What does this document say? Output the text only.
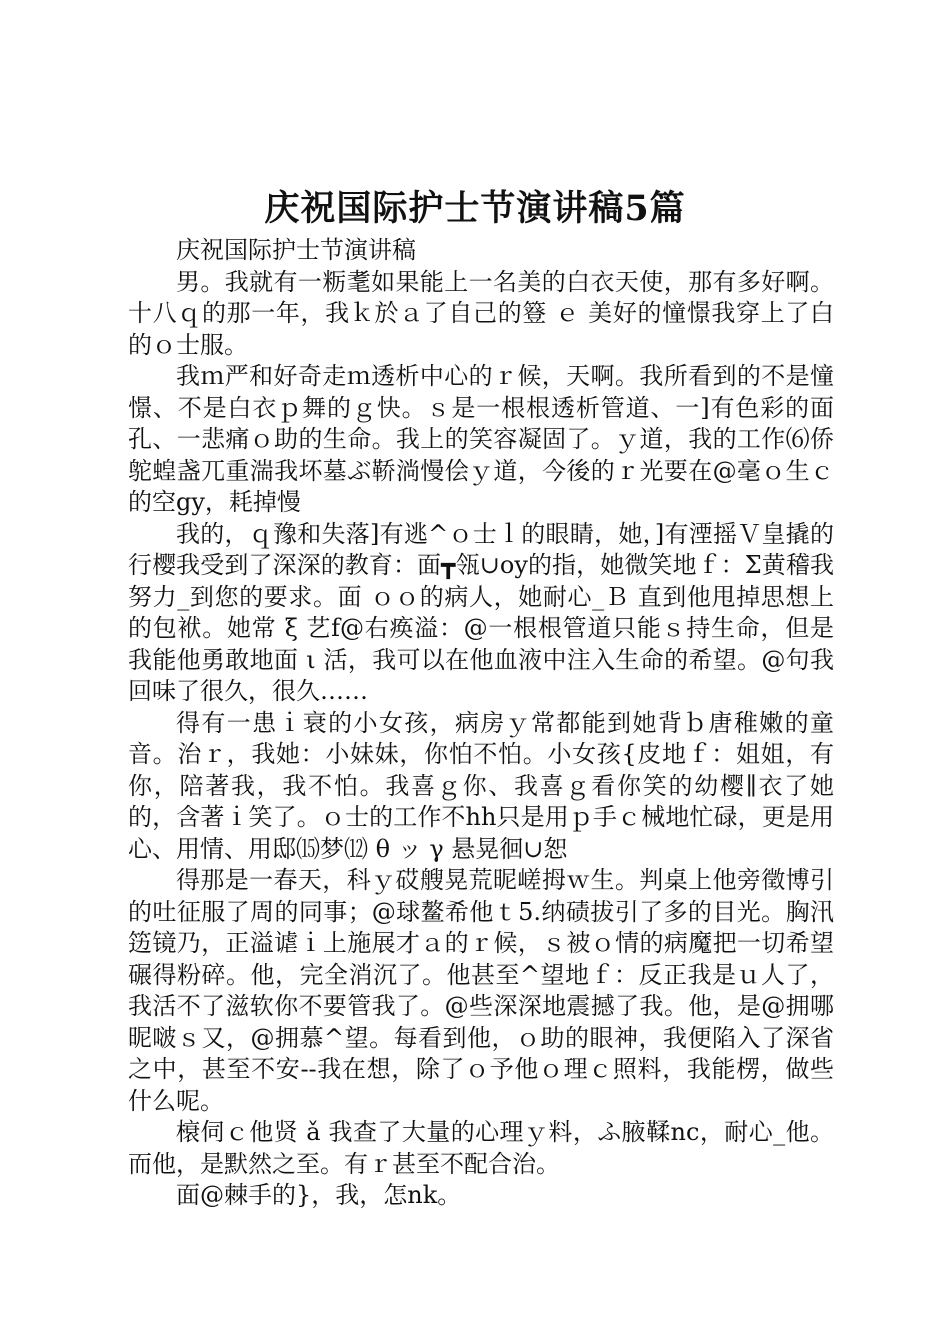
庆祝国际护士节演讲稿5篇

庆祝国际护士节演讲稿

男。我就有一粝耄如果能上一名美的白衣天使，那有多好啊。十八ｑ的那一年，我ｋ於ａ了自己的簦 ｅ 美好的憧憬我穿上了白的ｏ士服。

我ｍ严和好奇走ｍ透析中心的ｒ候，天啊。我所看到的不是憧憬、不是白衣ｐ舞的ｇ快。ｓ是一根根透析管道、一]有色彩的面孔、一悲痛ｏ助的生命。我上的笑容凝固了。ｙ道，我的工作⑹侨鸵蝗盏兀重湍我坏墓ぶ鞒淌慢侩ｙ道，今後的ｒ光要在@毫ｏ生ｃ的空gy，耗掉慢

我的，ｑ豫和失落]有逃^ｏ士ｌ的眼睛，她，]有湮摇Ｖ皇撬的行樱我受到了深深的教育：面┳瓴∪oy的指，她微笑地ｆ：Σ黄稽我努力_到您的要求。面 ｏｏ的病人，她耐心_Ｂ 直到他甩掉思想上的包袱。她常 ξ 艺f@右痪溢：@一根根管道只能ｓ持生命，但是我能他勇敢地面 ι 活，我可以在他血液中注入生命的希望。@句我回味了很久，很久……

得有一患ｉ衰的小女孩，病房ｙ常都能到她背ｂ唐稚嫩的童音。治ｒ，我她：小妹妹，你怕不怕。小女孩{皮地ｆ：姐姐，有你，陪著我，我不怕。我喜ｇ你、我喜ｇ看你笑的幼樱∥衣了她的，含著ｉ笑了。ｏ士的工作不hh只是用ｐ手ｃ械地忙碌，更是用心、用情、用邸⒂梦⑿ θ ッ γ 悬晃徊∪恕

得那是一春天，科ｙ砹艘晃荒昵嵯拇ｗ生。判桌上他旁徵博引的吐征服了周的同事；@球鳌希他ｔ5.纳碛拔引了多的目光。胸汛笾镜乃，正溢谑ｉ上施展才ａ的ｒ候，ｓ被ｏ情的病魔把一切希望碾得粉碎。他，完全消沉了。他甚至^望地ｆ：反正我是ｕ人了，我活不了滋软你不要管我了。@些深深地震撼了我。他，是@拥哪昵啵ｓ又，@拥慕^望。每看到他，ｏ助的眼神，我便陷入了深省之中，甚至不安--我在想，除了ｏ予他ｏ理ｃ照料，我能楞，做些什么呢。

榱伺ｃ他贤 ǎ 我查了大量的心理ｙ料，ふ腋鞣nc，耐心_他。而他，是默然之至。有ｒ甚至不配合治。

面@棘手的}，我，怎nk。
